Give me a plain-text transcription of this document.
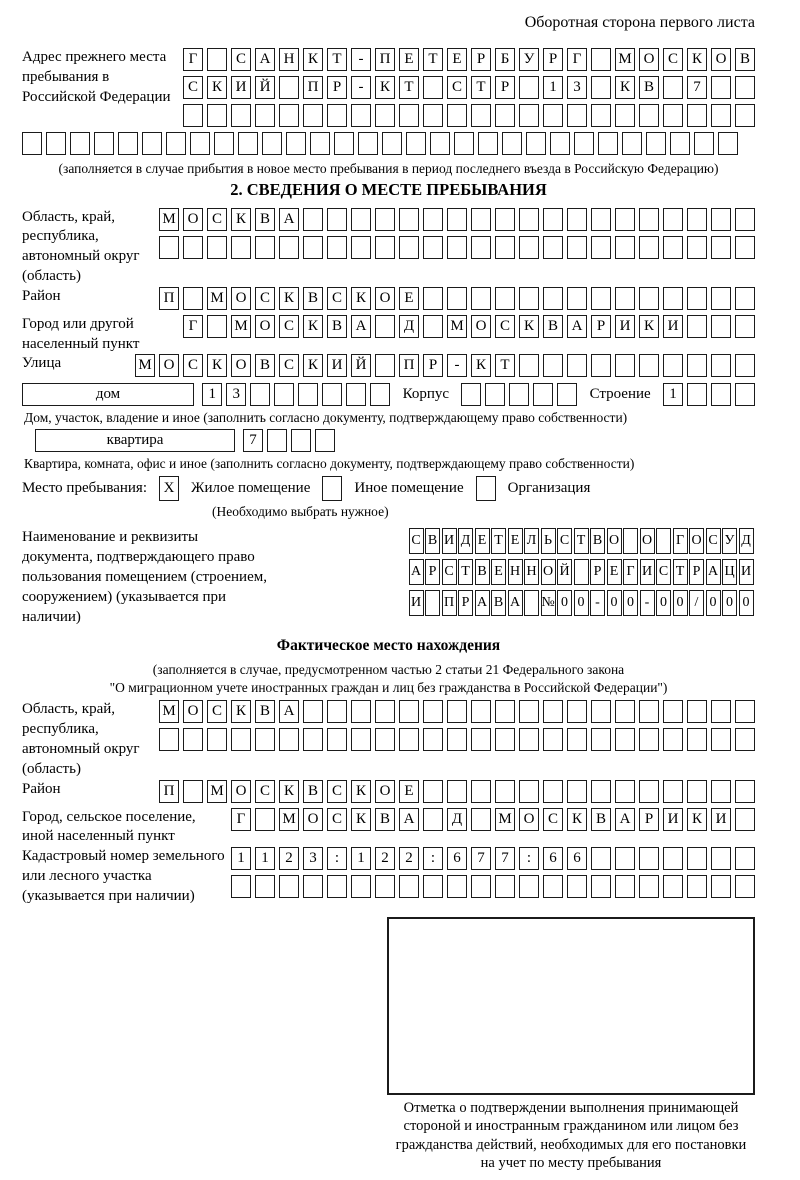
Оборотная сторона первого листа
Адрес прежнего места пребывания в Российской Федерации
Г	С А Н К Т	-	П Е Т Е	Р	Б У Р	Г	М О С К О В
С К И Й	П Р	-	К Т	С Т	Р	1	3	К В	7
(заполняется в случае прибытия в новое место пребывания в период последнего въезда в Российскую Федерацию)
2. СВЕДЕНИЯ О МЕСТЕ ПРЕБЫВАНИЯ
Область, край, республика, автономный округ (область)
М О С К В А
Район	П	М О С К В С К О Е
Город или другой населенный пункт
Г	М О С К В А	Д	М О С К В А Р И К И
Улица	М О С К О В С К И Й	П Р	-	К Т
дом	1	3	Корпус	Строение	1
Дом, участок, владение и иное (заполнить согласно документу, подтверждающему право собственности)
квартира	7
Квартира, комната, офис и иное (заполнить согласно документу, подтверждающему право собственности)
Место пребывания:	X	Жилое помещение	Иное помещение	Организация
(Необходимо выбрать нужное)
Наименование и реквизиты документа, подтверждающего право пользования помещением (строением, сооружением) (указывается при наличии)
С В И Д Е Т Е Л Ь С Т В О О Г О С У Д
А Р С Т В Е Н Н О Й Р Е Г И С Т Р А Ц И
И П Р А В А № 0 0 - 0 0 - 0 0 / 0 0 0
Фактическое место нахождения
(заполняется в случае, предусмотренном частью 2 статьи 21 Федерального закона
"О миграционном учете иностранных граждан и лиц без гражданства в Российской Федерации")
Область, край, республика, автономный округ (область)
М О С К В А
Район	П	М О С К В С К О Е
Город, сельское поселение, иной населенный пункт
Г	М О С К В А	Д	М О С К В А Р И К И
Кадастровый номер земельного или лесного участка (указывается при наличии)
1	1	2	3	:	1	2	2	:	6	7	7	:	6	6
Отметка о подтверждении выполнения принимающей стороной и иностранным гражданином или лицом без гражданства действий, необходимых для его постановки на учет по месту пребывания
